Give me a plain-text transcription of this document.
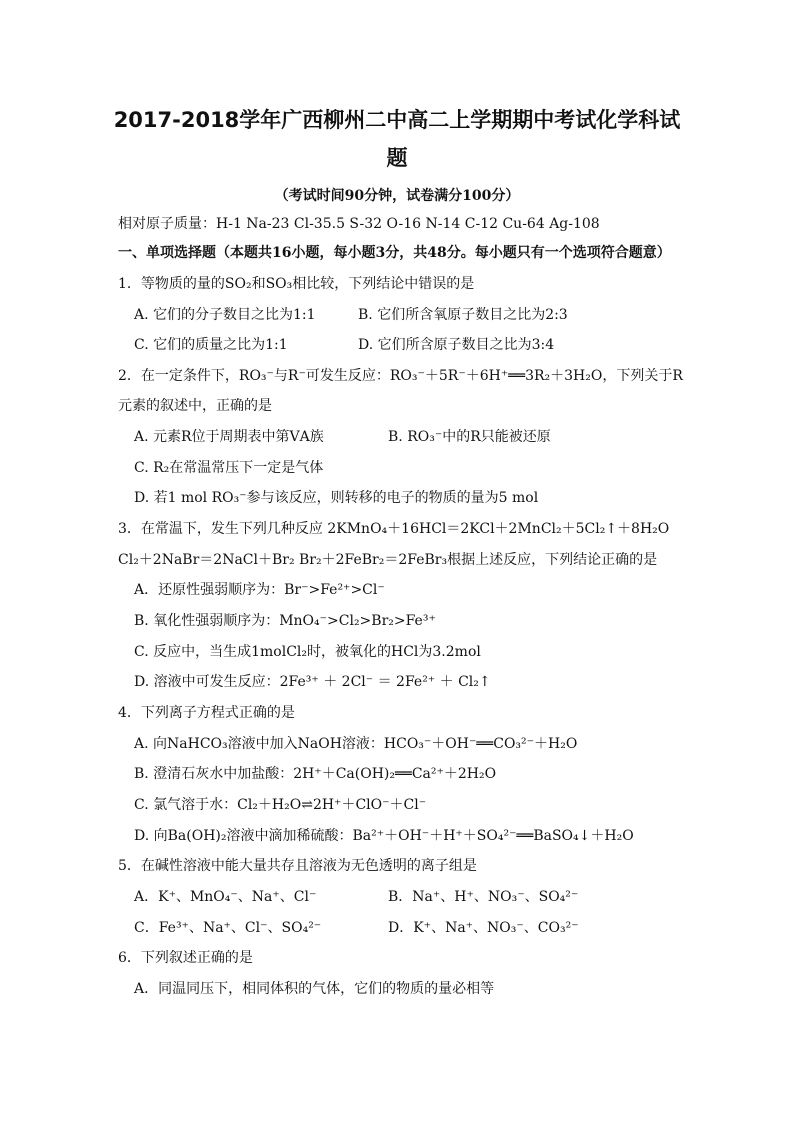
2017-2018学年广西柳州二中高二上学期期中考试化学科试
题
（考试时间90分钟，试卷满分100分）
相对原子质量：H-1 Na-23 Cl-35.5 S-32 O-16 N-14 C-12 Cu-64 Ag-108
一、单项选择题（本题共16小题，每小题3分，共48分。每小题只有一个选项符合题意）
1．等物质的量的SO₂和SO₃相比较，下列结论中错误的是
A. 它们的分子数目之比为1:1	B. 它们所含氧原子数目之比为2:3
C. 它们的质量之比为1:1	D. 它们所含原子数目之比为3:4
2．在一定条件下，RO₃⁻与R⁻可发生反应：RO₃⁻＋5R⁻＋6H⁺══3R₂＋3H₂O，下列关于R
元素的叙述中，正确的是
A. 元素R位于周期表中第ⅤA族	B. RO₃⁻中的R只能被还原
C. R₂在常温常压下一定是气体
D. 若1 mol RO₃⁻参与该反应，则转移的电子的物质的量为5 mol
3．在常温下，发生下列几种反应 2KMnO₄＋16HCl＝2KCl＋2MnCl₂＋5Cl₂↑＋8H₂O
Cl₂＋2NaBr＝2NaCl＋Br₂ Br₂＋2FeBr₂＝2FeBr₃根据上述反应，下列结论正确的是
A．还原性强弱顺序为：Br⁻>Fe²⁺>Cl⁻
B. 氧化性强弱顺序为：MnO₄⁻>Cl₂>Br₂>Fe³⁺
C. 反应中，当生成1molCl₂时，被氧化的HCl为3.2mol
D. 溶液中可发生反应：2Fe³⁺ ＋ 2Cl⁻ ＝ 2Fe²⁺ ＋ Cl₂↑
4．下列离子方程式正确的是
A. 向NaHCO₃溶液中加入NaOH溶液：HCO₃⁻＋OH⁻══CO₃²⁻＋H₂O
B. 澄清石灰水中加盐酸：2H⁺＋Ca(OH)₂══Ca²⁺＋2H₂O
C. 氯气溶于水：Cl₂＋H₂O⇌2H⁺＋ClO⁻＋Cl⁻
D. 向Ba(OH)₂溶液中滴加稀硫酸：Ba²⁺＋OH⁻＋H⁺＋SO₄²⁻══BaSO₄↓＋H₂O
5．在碱性溶液中能大量共存且溶液为无色透明的离子组是
A．K⁺、MnO₄⁻、Na⁺、Cl⁻	B．Na⁺、H⁺、NO₃⁻、SO₄²⁻
C．Fe³⁺、Na⁺、Cl⁻、SO₄²⁻	D．K⁺、Na⁺、NO₃⁻、CO₃²⁻
6．下列叙述正确的是
A．同温同压下，相同体积的气体，它们的物质的量必相等
